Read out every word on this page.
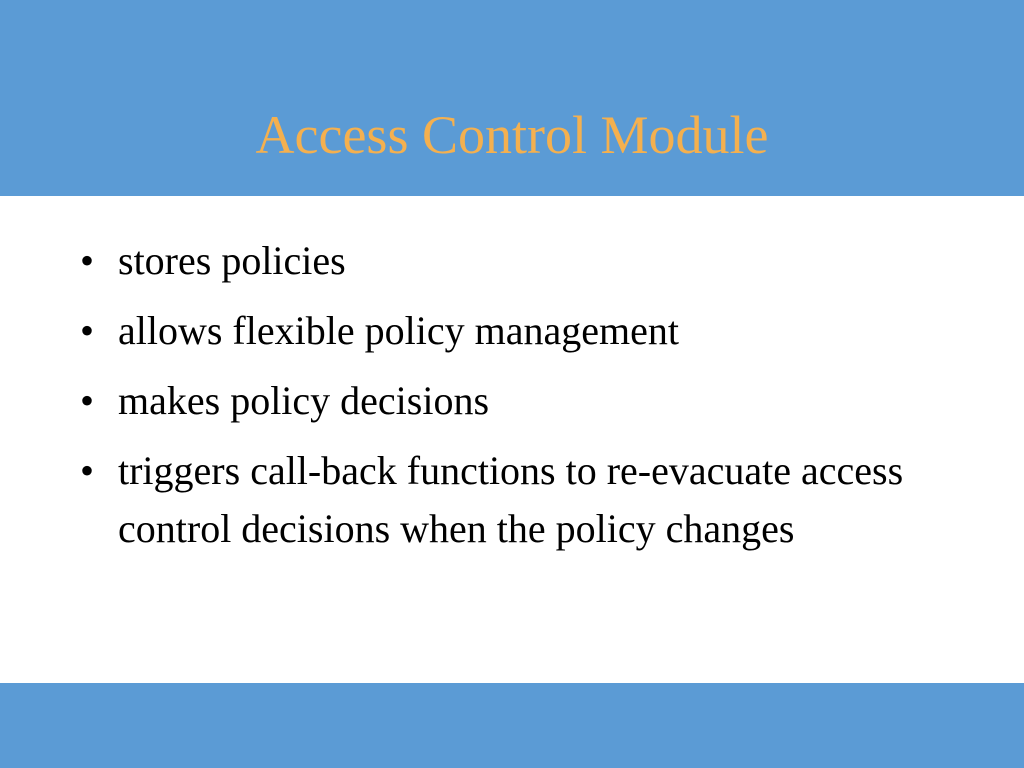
Access Control Module
• stores policies
• allows flexible policy management
• makes policy decisions
• triggers call-back functions to re-evacuate access control decisions when the policy changes
